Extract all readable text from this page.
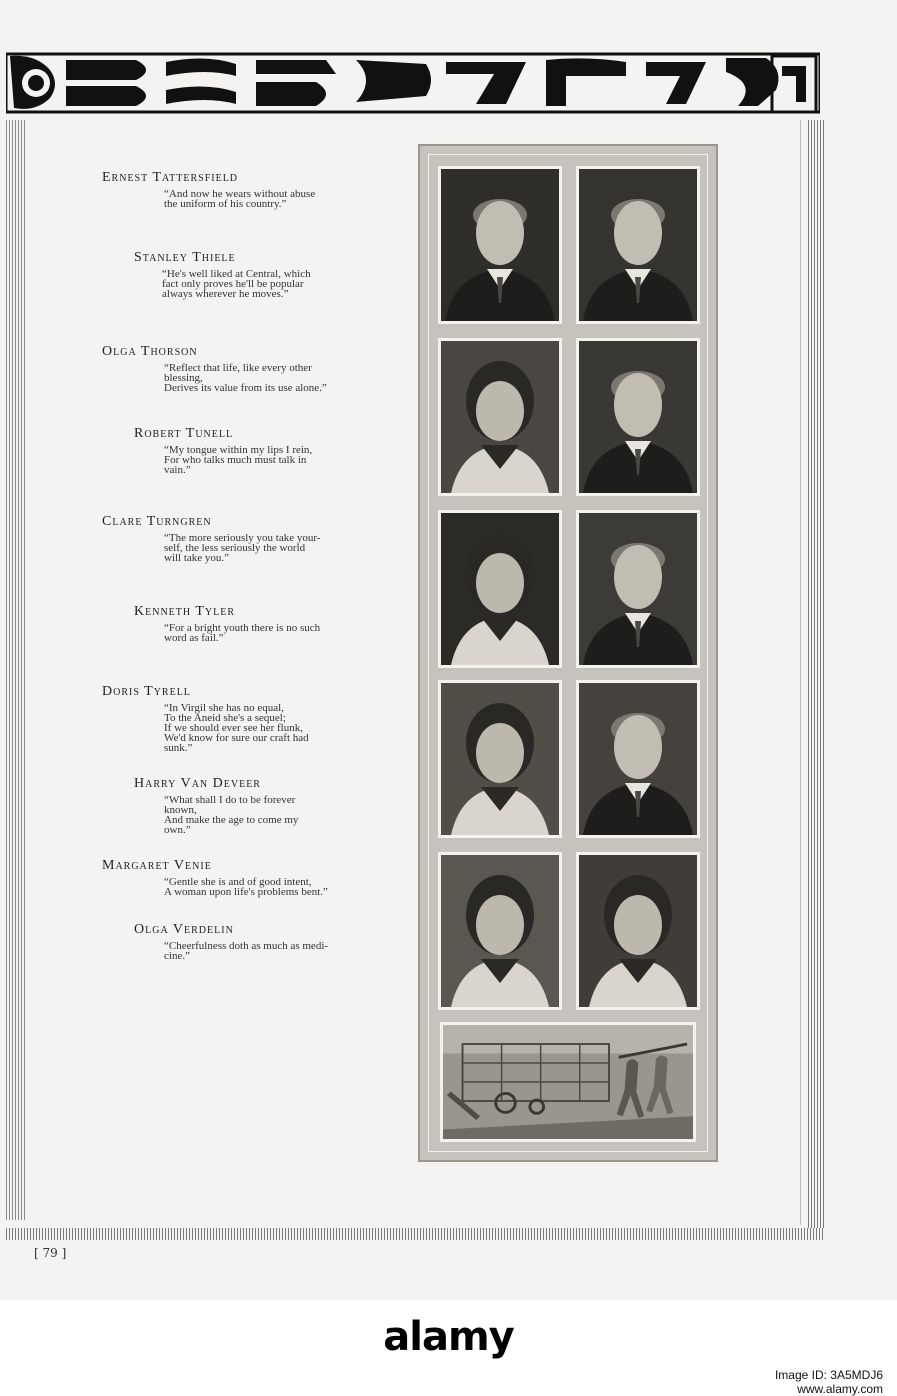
Ernest Tattersfield
“And now he wears without abuse
the uniform of his country.”
Stanley Thiele
“He's well liked at Central, which
fact only proves he'll be popular
always wherever he moves.”
Olga Thorson
“Reflect that life, like every other
blessing,
Derives its value from its use alone.”
Robert Tunell
“My tongue within my lips I rein,
For who talks much must talk in
vain.”
Clare Turngren
“The more seriously you take your-
self, the less seriously the world
will take you.”
Kenneth Tyler
“For a bright youth there is no such
word as fail.”
Doris Tyrell
“In Virgil she has no equal,
To the Aneid she's a sequel;
If we should ever see her flunk,
We'd know for sure our craft had
sunk.”
Harry Van Deveer
“What shall I do to be forever
known,
And make the age to come my
own.”
Margaret Venie
“Gentle she is and of good intent,
A woman upon life's problems bent.”
Olga Verdelin
“Cheerfulness doth as much as medi-
cine.”
[ 79 ]
alamy
Image ID: 3A5MDJ6
www.alamy.com
